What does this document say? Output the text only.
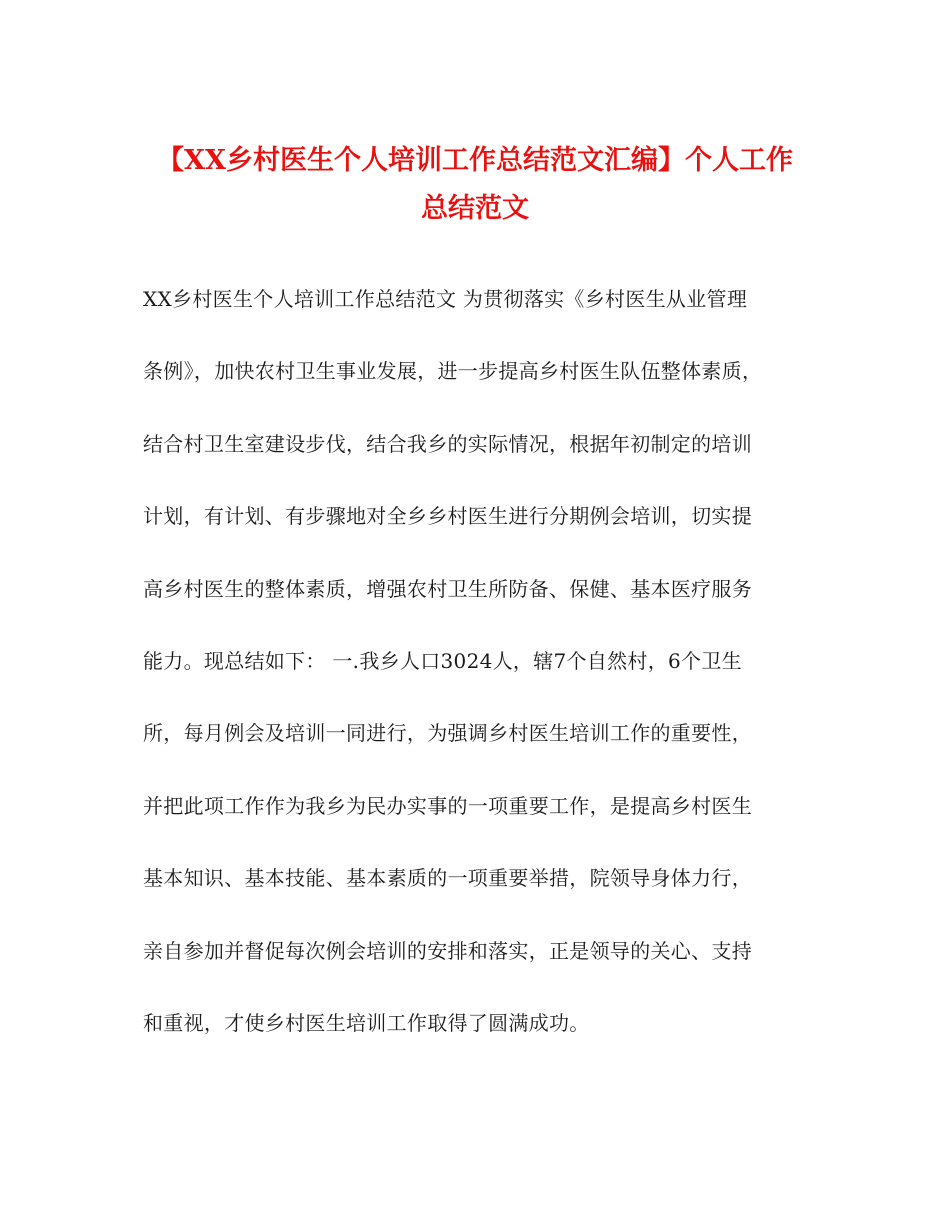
【XX乡村医生个人培训工作总结范文汇编】个人工作
总结范文
XX乡村医生个人培训工作总结范文 为贯彻落实《乡村医生从业管理
条例》，加快农村卫生事业发展，进一步提高乡村医生队伍整体素质，
结合村卫生室建设步伐，结合我乡的实际情况，根据年初制定的培训
计划，有计划、有步骤地对全乡乡村医生进行分期例会培训，切实提
高乡村医生的整体素质，增强农村卫生所防备、保健、基本医疗服务
能力。现总结如下： 一.我乡人口3024人，辖7个自然村，6个卫生
所，每月例会及培训一同进行，为强调乡村医生培训工作的重要性，
并把此项工作作为我乡为民办实事的一项重要工作，是提高乡村医生
基本知识、基本技能、基本素质的一项重要举措，院领导身体力行，
亲自参加并督促每次例会培训的安排和落实，正是领导的关心、支持
和重视，才使乡村医生培训工作取得了圆满成功。
